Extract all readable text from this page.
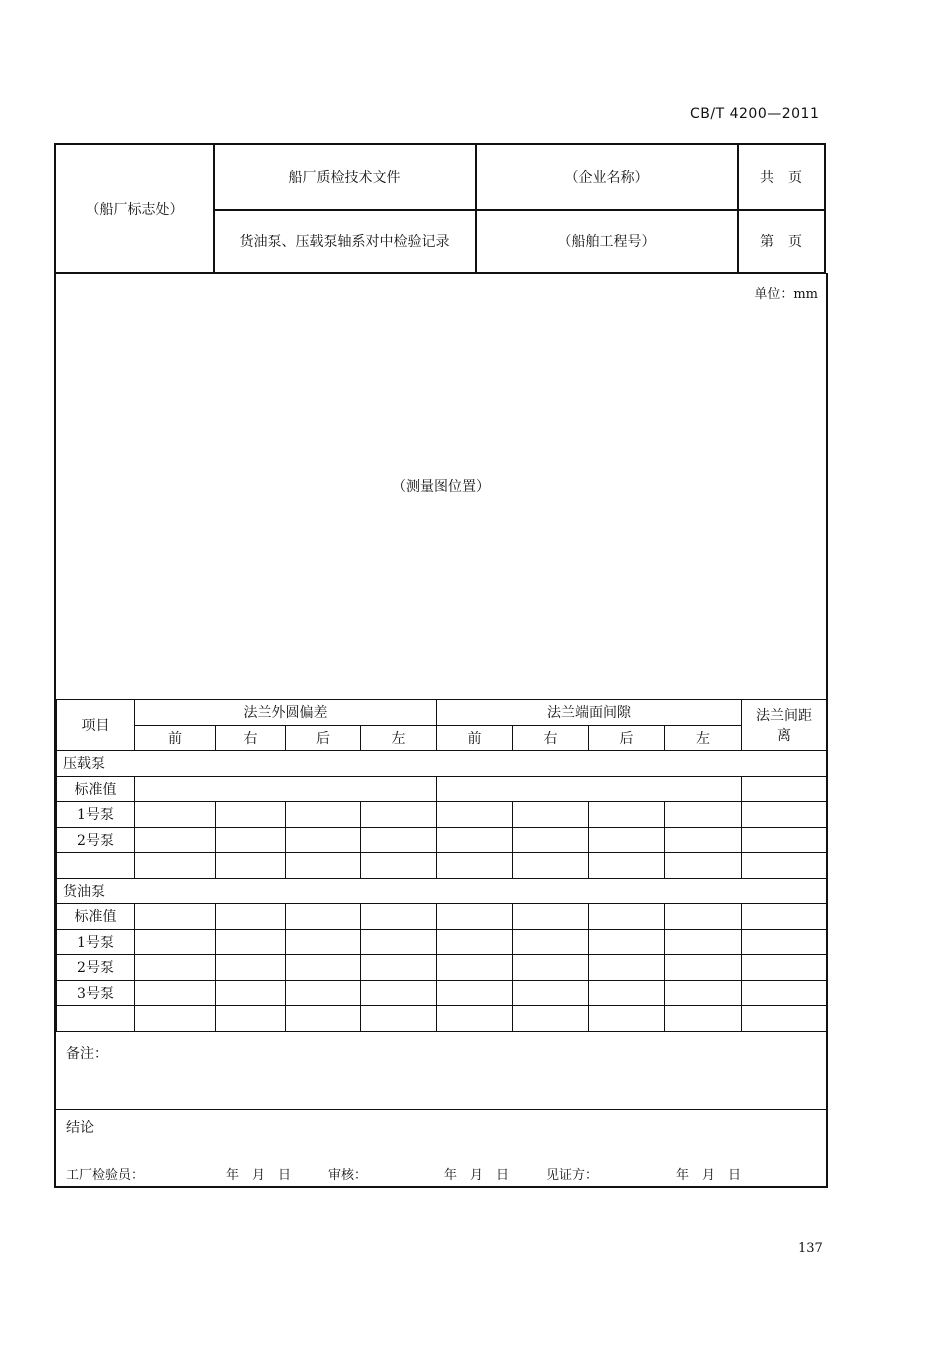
CB/T 4200—2011
（船厂标志处）
船厂质检技术文件	（企业名称）	共　页
货油泵、压载泵轴系对中检验记录	（船舶工程号）	第　页
单位：mm
（测量图位置）
项目	法兰外圆偏差				法兰端面间隙				法兰间距
离

	前	右	后	左	前	右	后	左	
压载泵									
标准值									
1号泵									
2号泵									

货油泵									
标准值									
1号泵									
2号泵									
3号泵									

备注：
结论
工厂检验员：	年　月　日	审核：	年　月　日	见证方：	年　月　日
137
